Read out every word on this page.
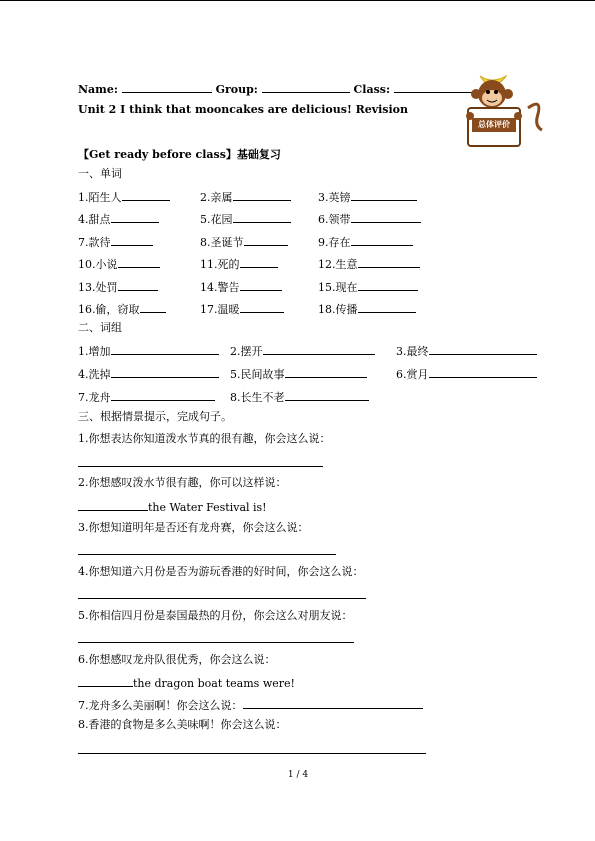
Name:	Group:	Class:
Unit 2 I think that mooncakes are delicious! Revision
【Get ready before class】基础复习
一、单词
1.陌生人	2.亲属	3.英镑
4.甜点	5.花园	6.领带
7.款待	8.圣诞节	9.存在
10.小说	11.死的	12.生意
13.处罚	14.警告	15.现在
16.偷，窃取	17.温暖	18.传播
二、词组
1.增加	2.摆开	3.最终
4.洗掉	5.民间故事	6.赏月
7.龙舟	8.长生不老
三、根据情景提示，完成句子。
1.你想表达你知道泼水节真的很有趣，你会这么说：
2.你想感叹泼水节很有趣，你可以这样说：
the Water Festival is!
3.你想知道明年是否还有龙舟赛，你会这么说：
4.你想知道六月份是否为游玩香港的好时间，你会这么说：
5.你相信四月份是泰国最热的月份，你会这么对朋友说：
6.你想感叹龙舟队很优秀，你会这么说：
the dragon boat teams were!
7.龙舟多么美丽啊！你会这么说：
8.香港的食物是多么美味啊！你会这么说：
1 / 4
总体评价
